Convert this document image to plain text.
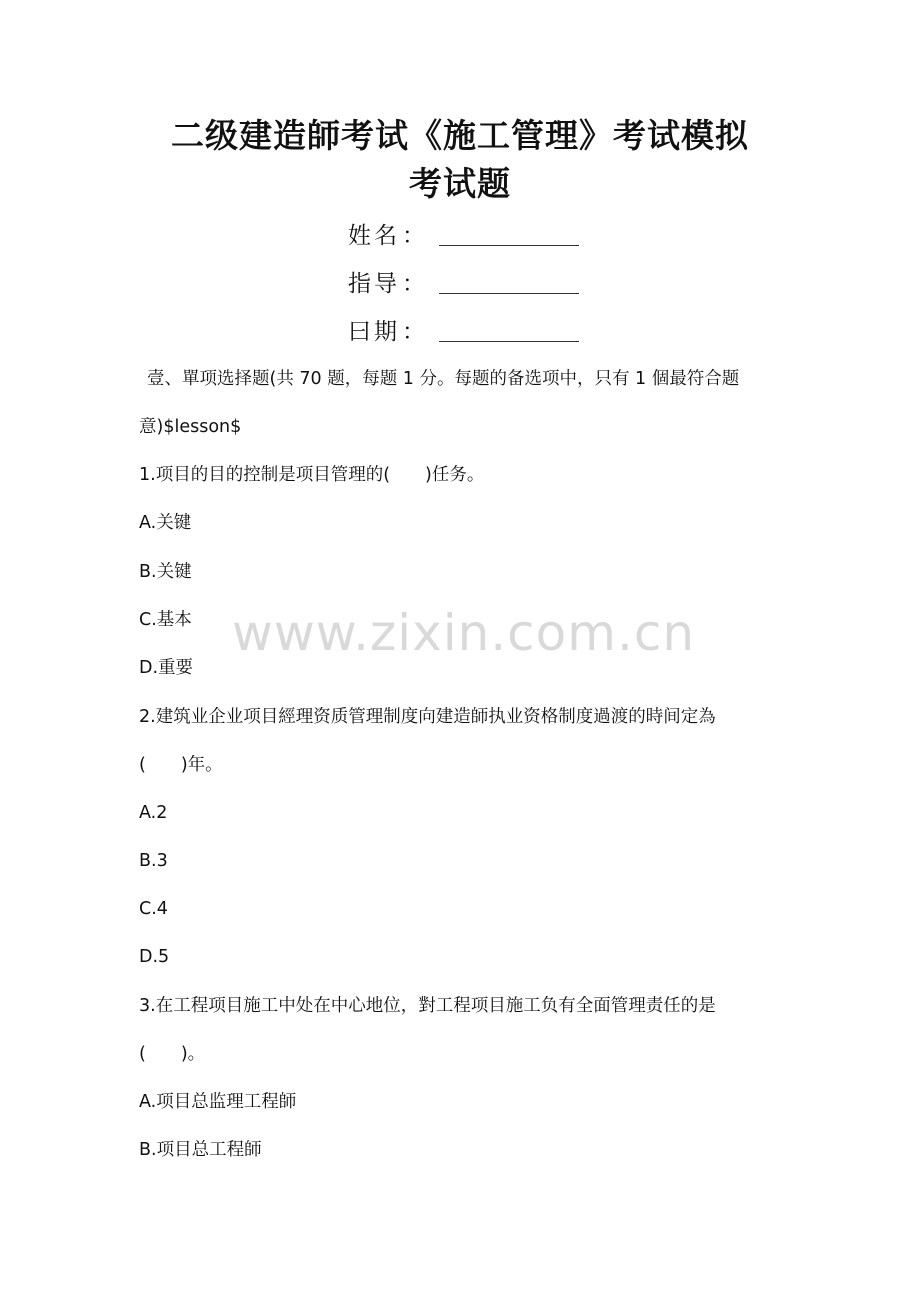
二级建造師考试《施工管理》考试模拟
考试题
姓名 ：
指导 ：
曰期 ：
壹、單项选择题(共 70 题，每题 1 分。每题的备选项中，只有 1 個最符合题
意)$lesson$
1.项目的目的控制是项目管理的(　　)任务。
A.关键
B.关键
C.基本
D.重要
2.建筑业企业项目經理资质管理制度向建造師执业资格制度過渡的時间定為
(　　)年。
A.2
B.3
C.4
D.5
3.在工程项目施工中处在中心地位，對工程项目施工负有全面管理责任的是
(　　)。
A.项目总监理工程師
B.项目总工程師
www.zixin.com.cn
